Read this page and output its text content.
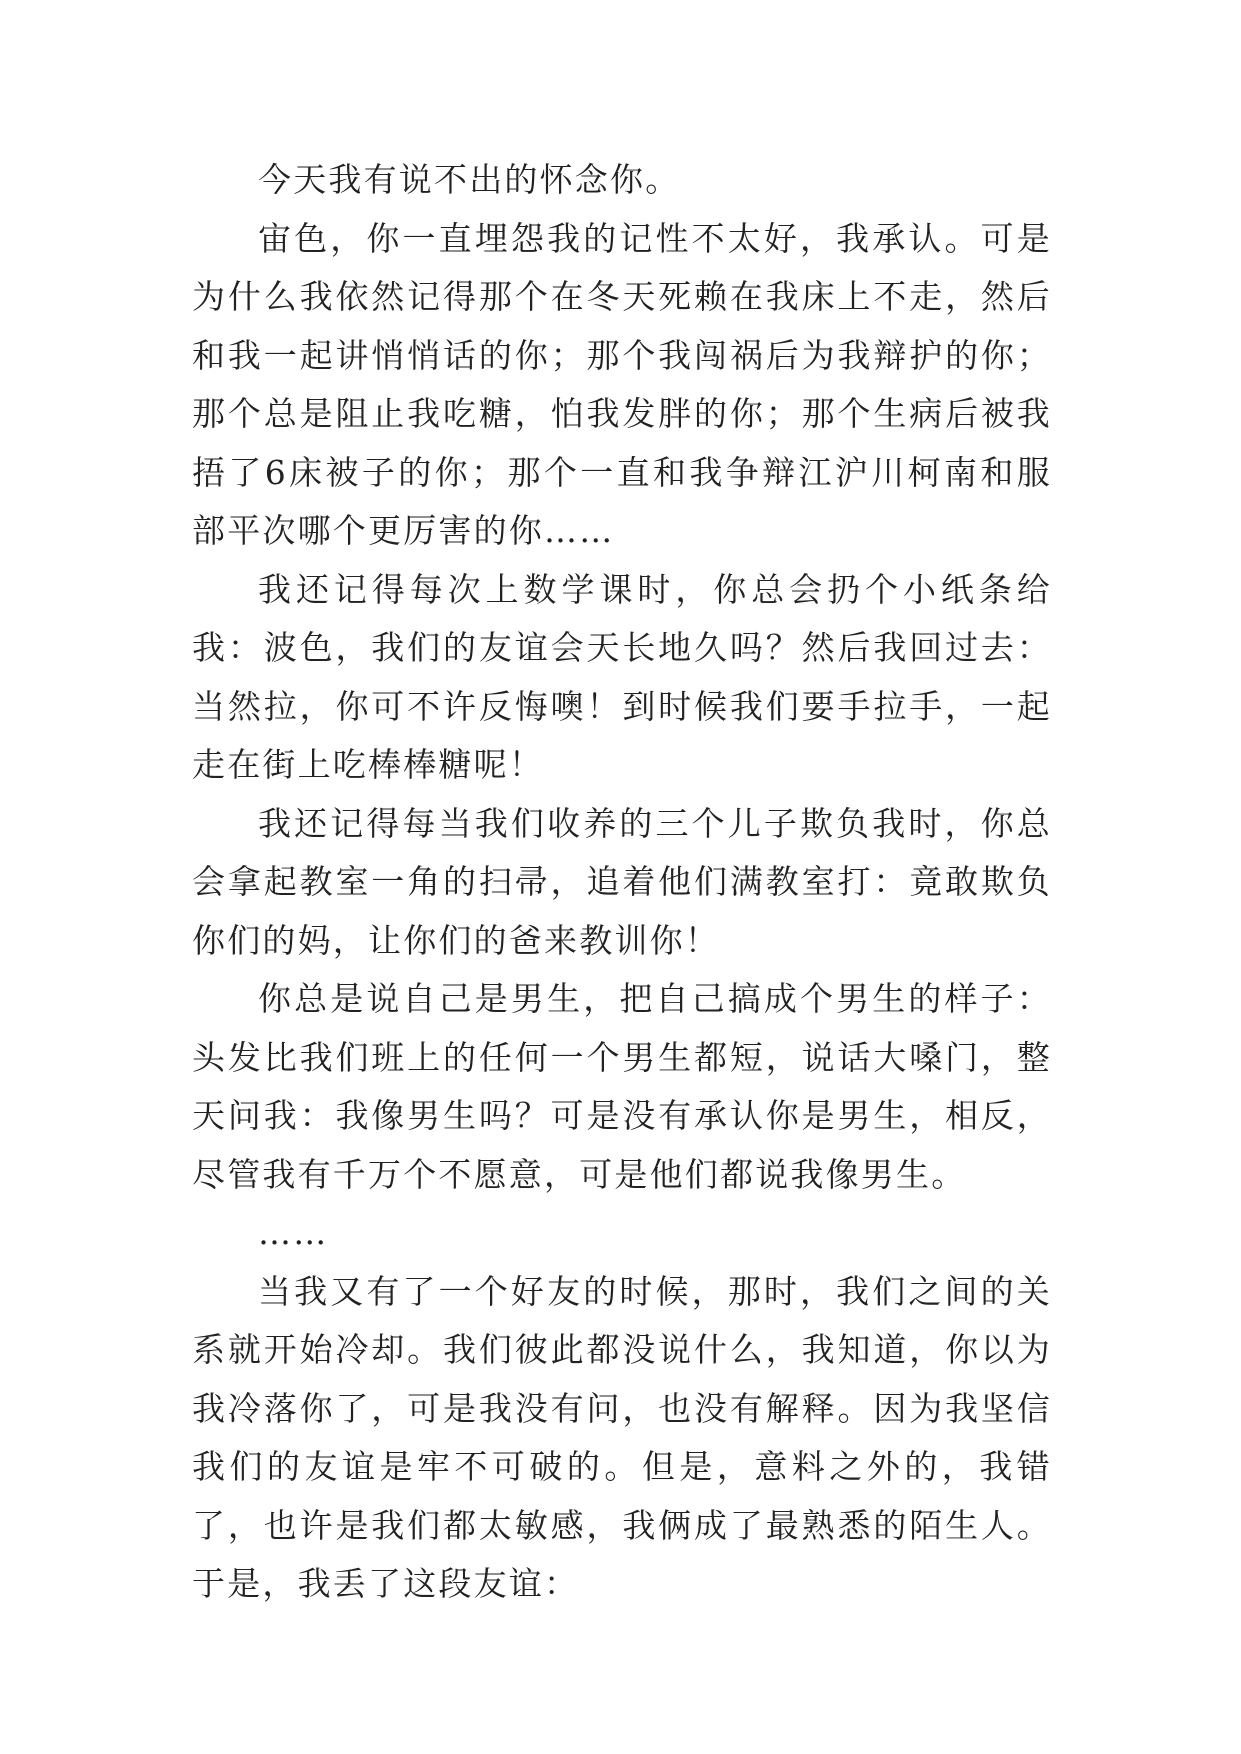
今天我有说不出的怀念你。

宙色，你一直埋怨我的记性不太好，我承认。可是为什么我依然记得那个在冬天死赖在我床上不走，然后和我一起讲悄悄话的你；那个我闯祸后为我辩护的你；那个总是阻止我吃糖，怕我发胖的你；那个生病后被我捂了6床被子的你；那个一直和我争辩江沪川柯南和服部平次哪个更厉害的你……

我还记得每次上数学课时，你总会扔个小纸条给我：波色，我们的友谊会天长地久吗？然后我回过去：当然拉，你可不许反悔噢！到时候我们要手拉手，一起走在街上吃棒棒糖呢！

我还记得每当我们收养的三个儿子欺负我时，你总会拿起教室一角的扫帚，追着他们满教室打：竟敢欺负你们的妈，让你们的爸来教训你！

你总是说自己是男生，把自己搞成个男生的样子：头发比我们班上的任何一个男生都短，说话大嗓门，整天问我：我像男生吗？可是没有承认你是男生，相反，尽管我有千万个不愿意，可是他们都说我像男生。

……

当我又有了一个好友的时候，那时，我们之间的关系就开始冷却。我们彼此都没说什么，我知道，你以为我冷落你了，可是我没有问，也没有解释。因为我坚信我们的友谊是牢不可破的。但是，意料之外的，我错了，也许是我们都太敏感，我俩成了最熟悉的陌生人。于是，我丢了这段友谊：
